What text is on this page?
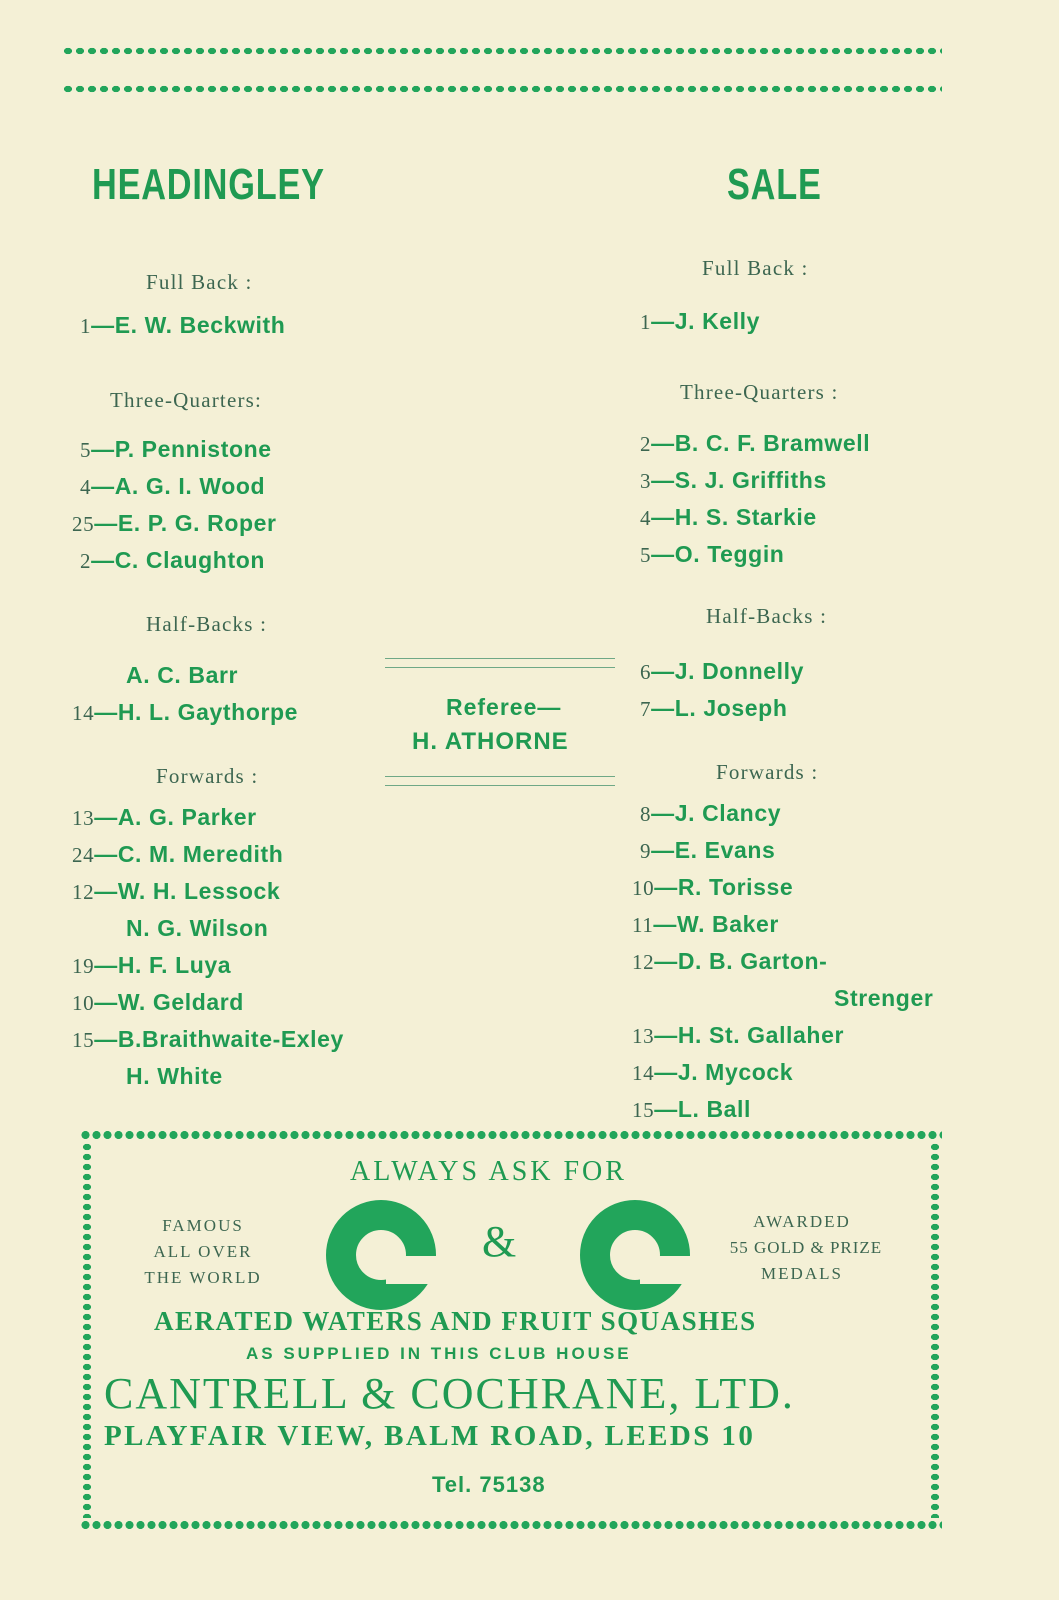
HEADINGLEY	SALE
Full Back :
1—E. W. Beckwith
Three-Quarters:
5—P. Pennistone
4—A. G. I. Wood
25—E. P. G. Roper
2—C. Claughton
Half-Backs :
A. C. Barr
14—H. L. Gaythorpe
Forwards :
13—A. G. Parker
24—C. M. Meredith
12—W. H. Lessock
N. G. Wilson
19—H. F. Luya
10—W. Geldard
15—B.Braithwaite-Exley
H. White
Full Back :
1—J. Kelly
Three-Quarters :
2—B. C. F. Bramwell
3—S. J. Griffiths
4—H. S. Starkie
5—O. Teggin
Half-Backs :
6—J. Donnelly
7—L. Joseph
Forwards :
8—J. Clancy
9—E. Evans
10—R. Torisse
11—W. Baker
12—D. B. Garton-
Strenger
13—H. St. Gallaher
14—J. Mycock
15—L. Ball
Referee—
H. ATHORNE
ALWAYS ASK FOR
FAMOUS
ALL OVER
THE WORLD
&	AWARDED
55 GOLD & PRIZE
MEDALS
AERATED WATERS AND FRUIT SQUASHES
AS SUPPLIED IN THIS CLUB HOUSE
CANTRELL & COCHRANE, LTD.
PLAYFAIR VIEW, BALM ROAD, LEEDS 10
Tel. 75138
